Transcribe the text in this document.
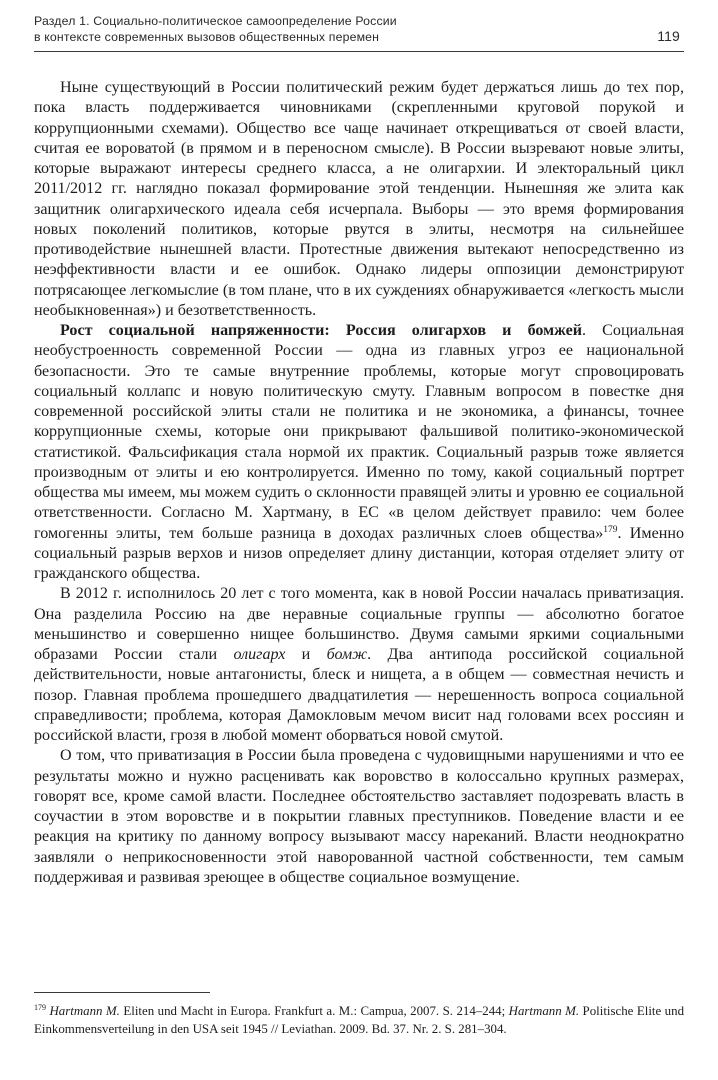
Раздел 1. Социально-политическое самоопределение России
в контексте современных вызовов общественных перемен	119

Ныне существующий в России политический режим будет держаться лишь до тех пор, пока власть поддерживается чиновниками (скрепленными круговой порукой и коррупционными схемами). Общество все чаще начинает открещиваться от своей власти, считая ее вороватой (в прямом и в переносном смысле). В России вызревают новые элиты, которые выражают интересы среднего класса, а не олигархии. И электоральный цикл 2011/2012 гг. наглядно показал формирование этой тенденции. Нынешняя же элита как защитник олигархического идеала себя исчерпала. Выборы — это время формирования новых поколений политиков, которые рвутся в элиты, несмотря на сильнейшее противодействие нынешней власти. Протестные движения вытекают непосредственно из неэффективности власти и ее ошибок. Однако лидеры оппозиции демонстрируют потрясающее легкомыслие (в том плане, что в их суждениях обнаруживается «легкость мысли необыкновенная») и безответственность.

Рост социальной напряженности: Россия олигархов и бомжей. Социальная необустроенность современной России — одна из главных угроз ее национальной безопасности. Это те самые внутренние проблемы, которые могут спровоцировать социальный коллапс и новую политическую смуту. Главным вопросом в повестке дня современной российской элиты стали не политика и не экономика, а финансы, точнее коррупционные схемы, которые они прикрывают фальшивой политико-экономической статистикой. Фальсификация стала нормой их практик. Социальный разрыв тоже является производным от элиты и ею контролируется. Именно по тому, какой социальный портрет общества мы имеем, мы можем судить о склонности правящей элиты и уровню ее социальной ответственности. Согласно М. Хартману, в ЕС «в целом действует правило: чем более гомогенны элиты, тем больше разница в доходах различных слоев общества»$^{179}$. Именно социальный разрыв верхов и низов определяет длину дистанции, которая отделяет элиту от гражданского общества.

В 2012 г. исполнилось 20 лет с того момента, как в новой России началась приватизация. Она разделила Россию на две неравные социальные группы — абсолютно богатое меньшинство и совершенно нищее большинство. Двумя самыми яркими социальными образами России стали олигарх и бомж. Два антипода российской социальной действительности, новые антагонисты, блеск и нищета, а в общем — совместная нечисть и позор. Главная проблема прошедшего двадцатилетия — нерешенность вопроса социальной справедливости; проблема, которая Дамокловым мечом висит над головами всех россиян и российской власти, грозя в любой момент оборваться новой смутой.

О том, что приватизация в России была проведена с чудовищными нарушениями и что ее результаты можно и нужно расценивать как воровство в колоссально крупных размерах, говорят все, кроме самой власти. Последнее обстоятельство заставляет подозревать власть в соучастии в этом воровстве и в покрытии главных преступников. Поведение власти и ее реакция на критику по данному вопросу вызывают массу нареканий. Власти неоднократно заявляли о неприкосновенности этой наворованной частной собственности, тем самым поддерживая и развивая зреющее в обществе социальное возмущение.

$^{179}$ Hartmann M. Eliten und Macht in Europa. Frankfurt a. M.: Campua, 2007. S. 214–244; Hartmann M. Politische Elite und Einkommensverteilung in den USA seit 1945 // Leviathan. 2009. Bd. 37. Nr. 2. S. 281–304.
